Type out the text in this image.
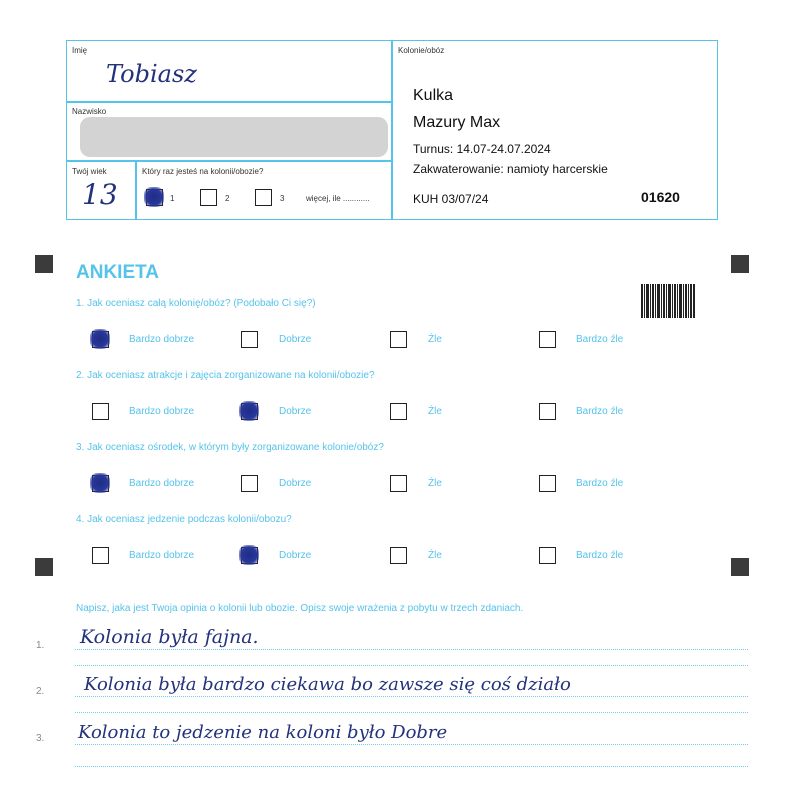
Imię
Tobiasz
Nazwisko
Twój wiek
13
Który raz jesteś na kolonii/obozie?
1	2	3	więcej, ile ............
Kolonie/obóz
Kulka
Mazury Max
Turnus: 14.07-24.07.2024
Zakwaterowanie: namioty harcerskie
KUH 03/07/24	01620
ANKIETA
1. Jak oceniasz całą kolonię/obóz? (Podobało Ci się?)
Bardzo dobrze	Dobrze	Źle	Bardzo źle
2. Jak oceniasz atrakcje i zajęcia zorganizowane na kolonii/obozie?
Bardzo dobrze	Dobrze	Źle	Bardzo źle
3. Jak oceniasz ośrodek, w którym były zorganizowane kolonie/obóz?
Bardzo dobrze	Dobrze	Źle	Bardzo źle
4. Jak oceniasz jedzenie podczas kolonii/obozu?
Bardzo dobrze	Dobrze	Źle	Bardzo źle
Napisz, jaka jest Twoja opinia o kolonii lub obozie. Opisz swoje wrażenia z pobytu w trzech zdaniach.
1. Kolonia była fajna.
2. Kolonia była bardzo ciekawa bo zawsze się coś działo
3. Kolonia to jedzenie na koloni było Dobre
